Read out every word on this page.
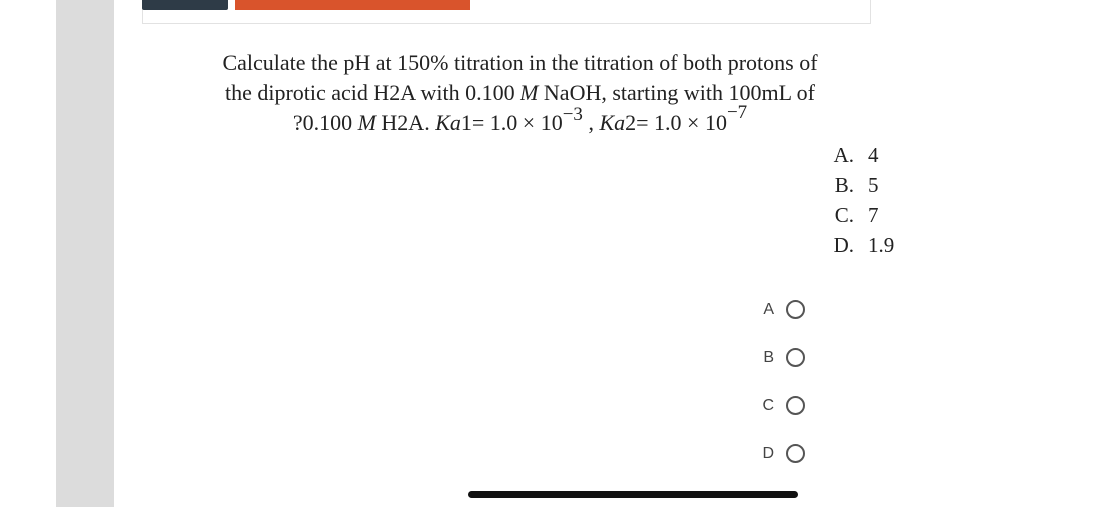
Calculate the pH at 150% titration in the titration of both protons of
the diprotic acid H2A with 0.100 M NaOH, starting with 100mL of
?0.100 M H2A. Ka1= 1.0 × 10−3 , Ka2= 1.0 × 10−7
A. 4
B. 5
C. 7
D. 1.9
A
B
C
D
